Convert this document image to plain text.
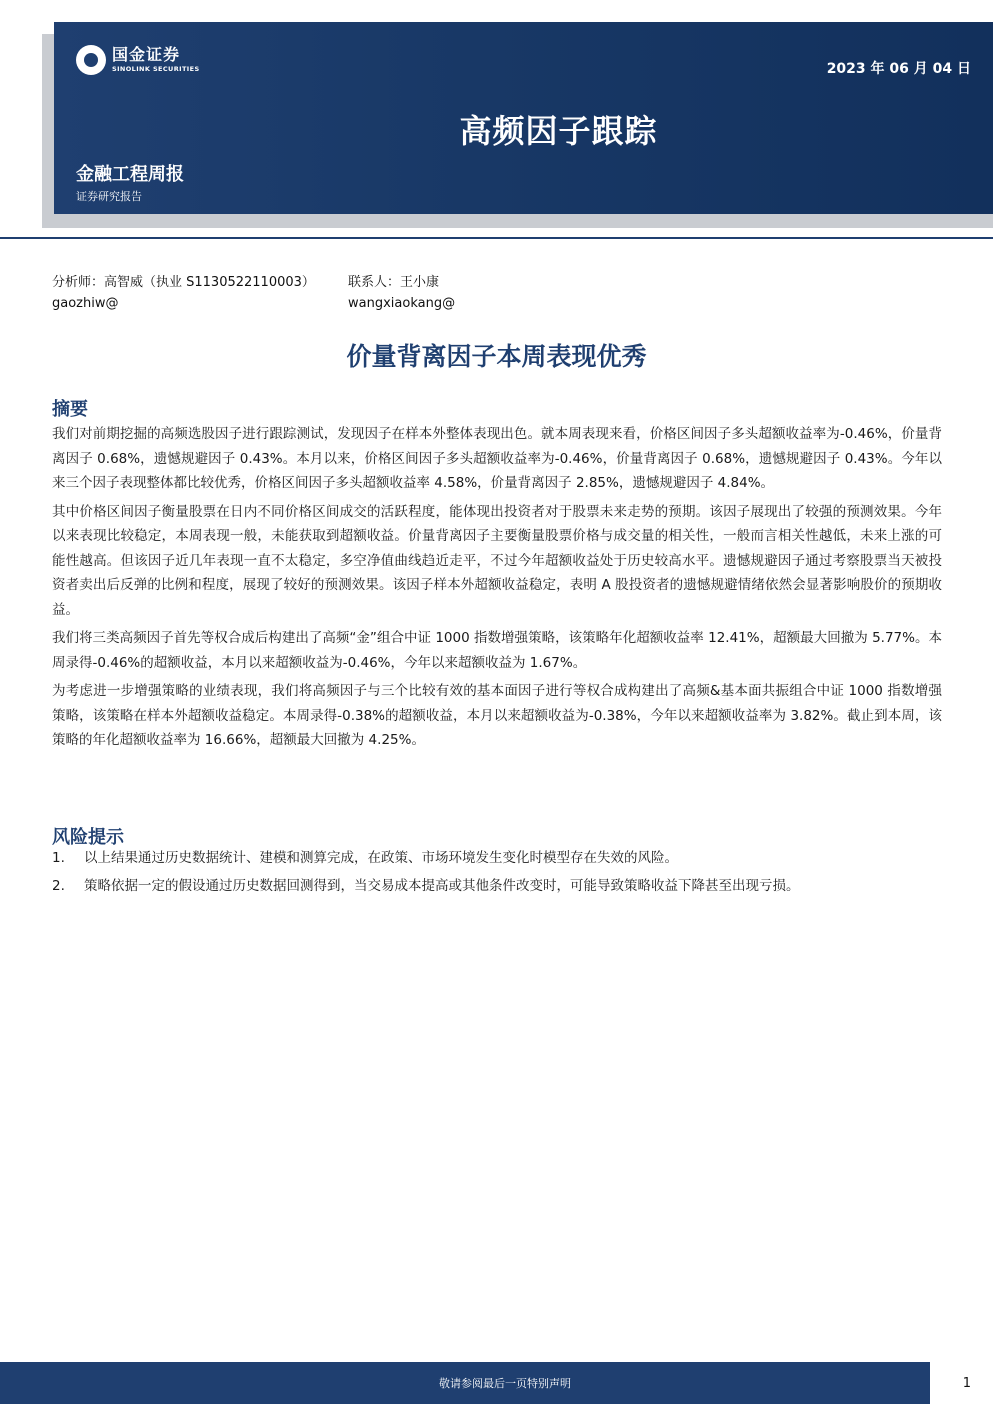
国金证券
SINOLINK SECURITIES	2023 年 06 月 04 日
高频因子跟踪
金融工程周报
证券研究报告
分析师：高智威（执业 S1130522110003）
gaozhiw@
联系人：王小康
wangxiaokang@
价量背离因子本周表现优秀
摘要

我们对前期挖掘的高频选股因子进行跟踪测试，发现因子在样本外整体表现出色。就本周表现来看，价格区间因子多头超额收益率为-0.46%，价量背离因子 0.68%，遗憾规避因子 0.43%。本月以来，价格区间因子多头超额收益率为-0.46%，价量背离因子 0.68%，遗憾规避因子 0.43%。今年以来三个因子表现整体都比较优秀，价格区间因子多头超额收益率 4.58%，价量背离因子 2.85%，遗憾规避因子 4.84%。

其中价格区间因子衡量股票在日内不同价格区间成交的活跃程度，能体现出投资者对于股票未来走势的预期。该因子展现出了较强的预测效果。今年以来表现比较稳定，本周表现一般，未能获取到超额收益。价量背离因子主要衡量股票价格与成交量的相关性，一般而言相关性越低，未来上涨的可能性越高。但该因子近几年表现一直不太稳定，多空净值曲线趋近走平，不过今年超额收益处于历史较高水平。遗憾规避因子通过考察股票当天被投资者卖出后反弹的比例和程度，展现了较好的预测效果。该因子样本外超额收益稳定，表明 A 股投资者的遗憾规避情绪依然会显著影响股价的预期收益。

我们将三类高频因子首先等权合成后构建出了高频“金”组合中证 1000 指数增强策略，该策略年化超额收益率 12.41%，超额最大回撤为 5.77%。本周录得-0.46%的超额收益，本月以来超额收益为-0.46%，今年以来超额收益为 1.67%。

为考虑进一步增强策略的业绩表现，我们将高频因子与三个比较有效的基本面因子进行等权合成构建出了高频&基本面共振组合中证 1000 指数增强策略，该策略在样本外超额收益稳定。本周录得-0.38%的超额收益，本月以来超额收益为-0.38%，今年以来超额收益率为 3.82%。截止到本周，该策略的年化超额收益率为 16.66%，超额最大回撤为 4.25%。

风险提示
1.	以上结果通过历史数据统计、建模和测算完成，在政策、市场环境发生变化时模型存在失效的风险。
2.	策略依据一定的假设通过历史数据回测得到，当交易成本提高或其他条件改变时，可能导致策略收益下降甚至出现亏损。
敬请参阅最后一页特别声明	1
